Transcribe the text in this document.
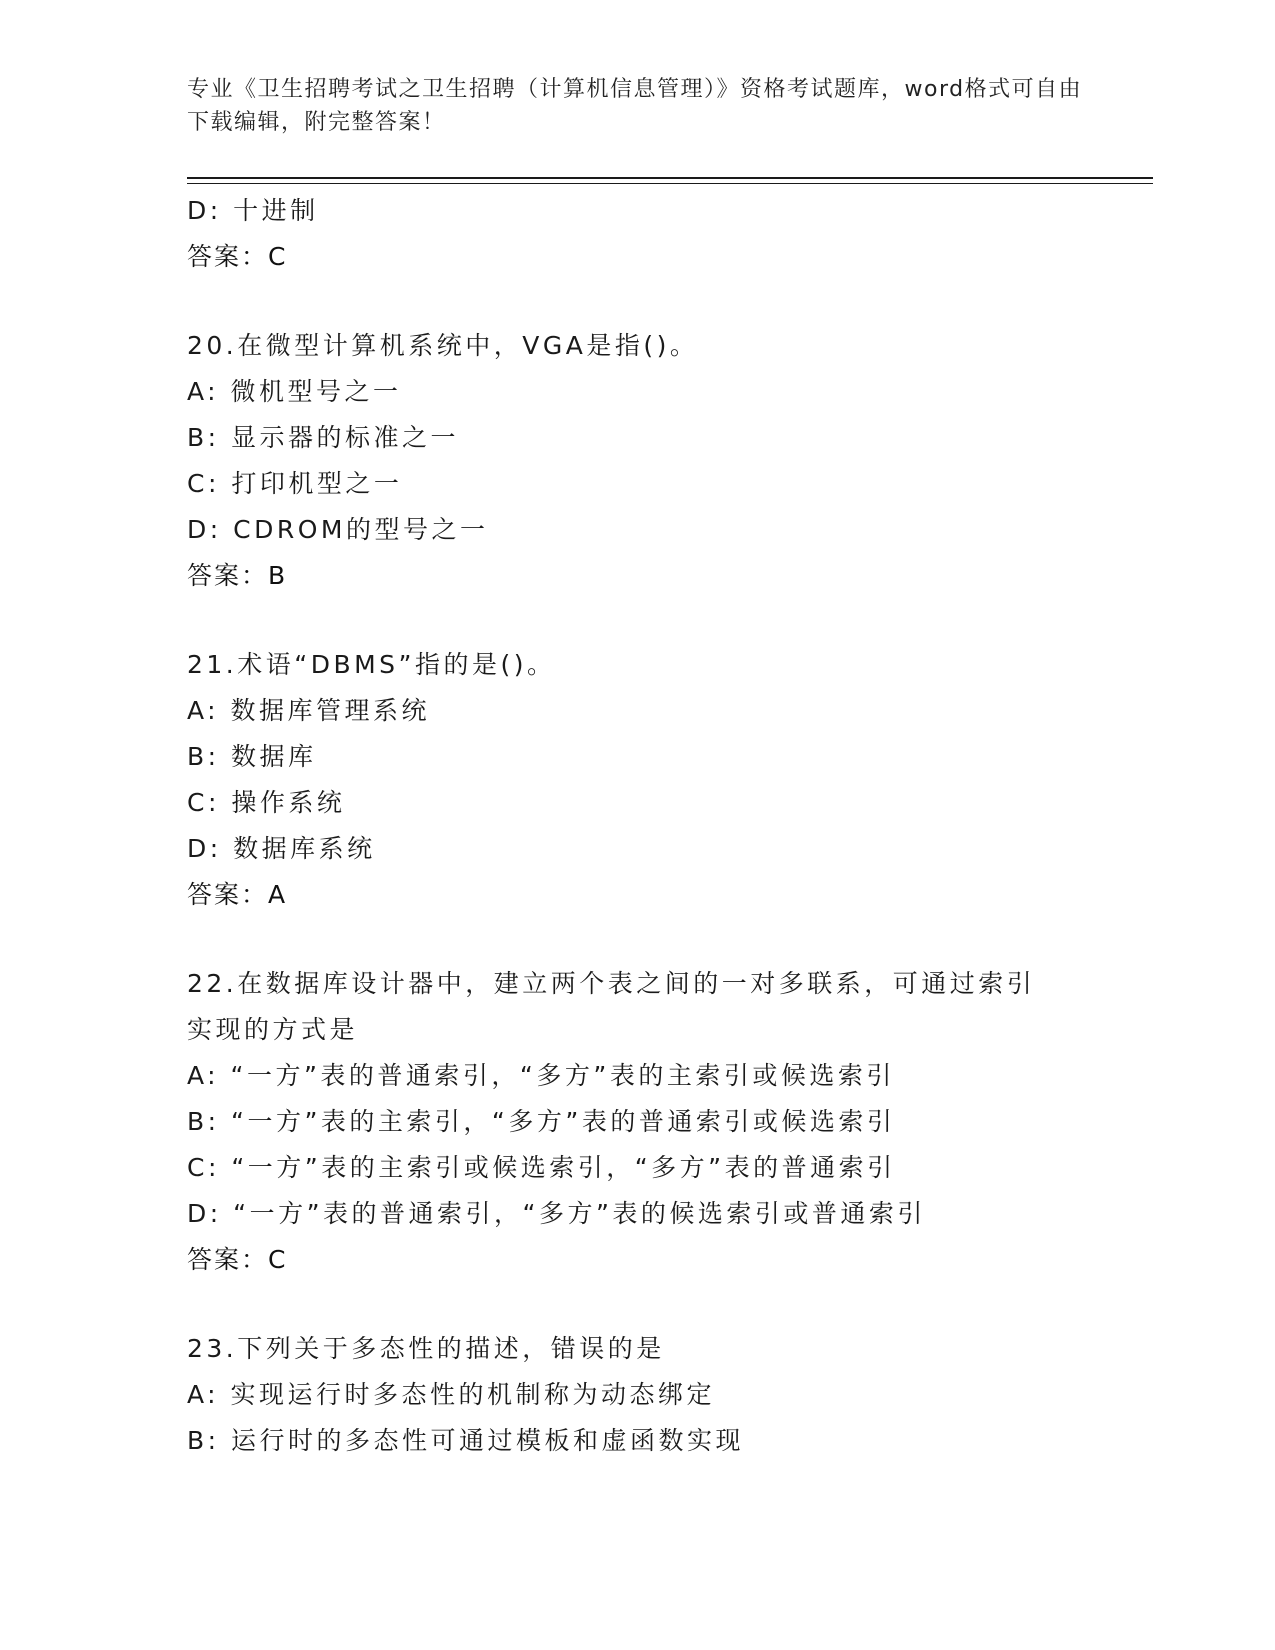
专业《卫生招聘考试之卫生招聘（计算机信息管理）》资格考试题库，word格式可自由下载编辑，附完整答案！
D: 十进制
答案：C
20.在微型计算机系统中，VGA是指()。
A: 微机型号之一
B: 显示器的标准之一
C: 打印机型之一
D: CDROM的型号之一
答案：B
21.术语“DBMS”指的是()。
A: 数据库管理系统
B: 数据库
C: 操作系统
D: 数据库系统
答案：A
22.在数据库设计器中，建立两个表之间的一对多联系，可通过索引实现的方式是
A: “一方”表的普通索引，“多方”表的主索引或候选索引
B: “一方”表的主索引，“多方”表的普通索引或候选索引
C: “一方”表的主索引或候选索引，“多方”表的普通索引
D: “一方”表的普通索引，“多方”表的候选索引或普通索引
答案：C
23.下列关于多态性的描述，错误的是
A: 实现运行时多态性的机制称为动态绑定
B: 运行时的多态性可通过模板和虚函数实现
